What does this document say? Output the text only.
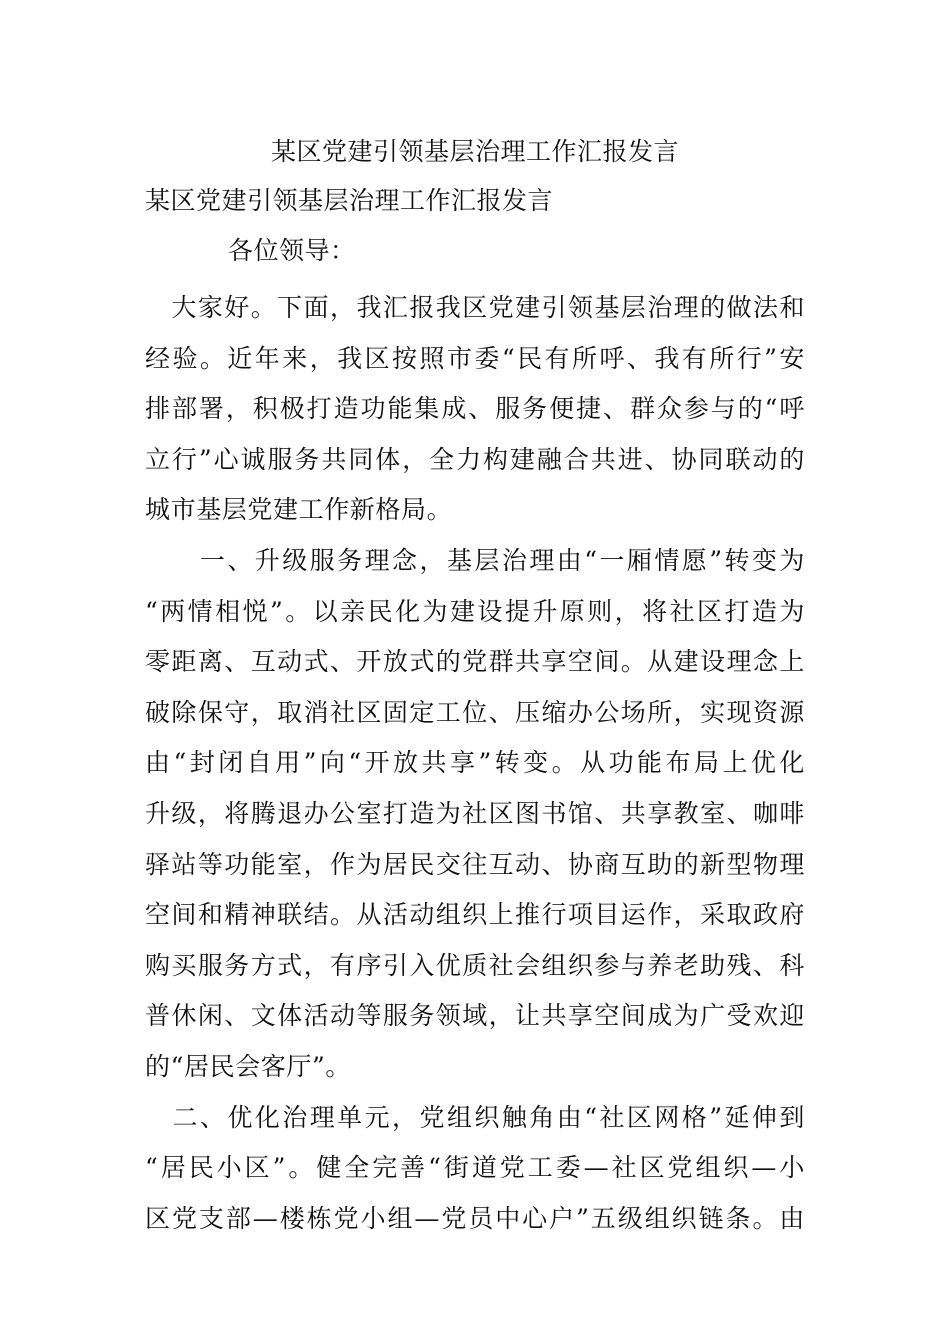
某区党建引领基层治理工作汇报发言
某区党建引领基层治理工作汇报发言

各位领导：

　大家好。下面，我汇报我区党建引领基层治理的做法和
经验。近年来，我区按照市委“民有所呼、我有所行”安
排部署，积极打造功能集成、服务便捷、群众参与的“呼
立行”心诚服务共同体，全力构建融合共进、协同联动的
城市基层党建工作新格局。

　　一、升级服务理念，基层治理由“一厢情愿”转变为
“两情相悦”。以亲民化为建设提升原则，将社区打造为
零距离、互动式、开放式的党群共享空间。从建设理念上
破除保守，取消社区固定工位、压缩办公场所，实现资源
由“封闭自用”向“开放共享”转变。从功能布局上优化
升级，将腾退办公室打造为社区图书馆、共享教室、咖啡
驿站等功能室，作为居民交往互动、协商互助的新型物理
空间和精神联结。从活动组织上推行项目运作，采取政府
购买服务方式，有序引入优质社会组织参与养老助残、科
普休闲、文体活动等服务领域，让共享空间成为广受欢迎
的“居民会客厅”。

　二、优化治理单元，党组织触角由“社区网格”延伸到
“居民小区”。健全完善“街道党工委—社区党组织—小
区党支部—楼栋党小组—党员中心户”五级组织链条。由
